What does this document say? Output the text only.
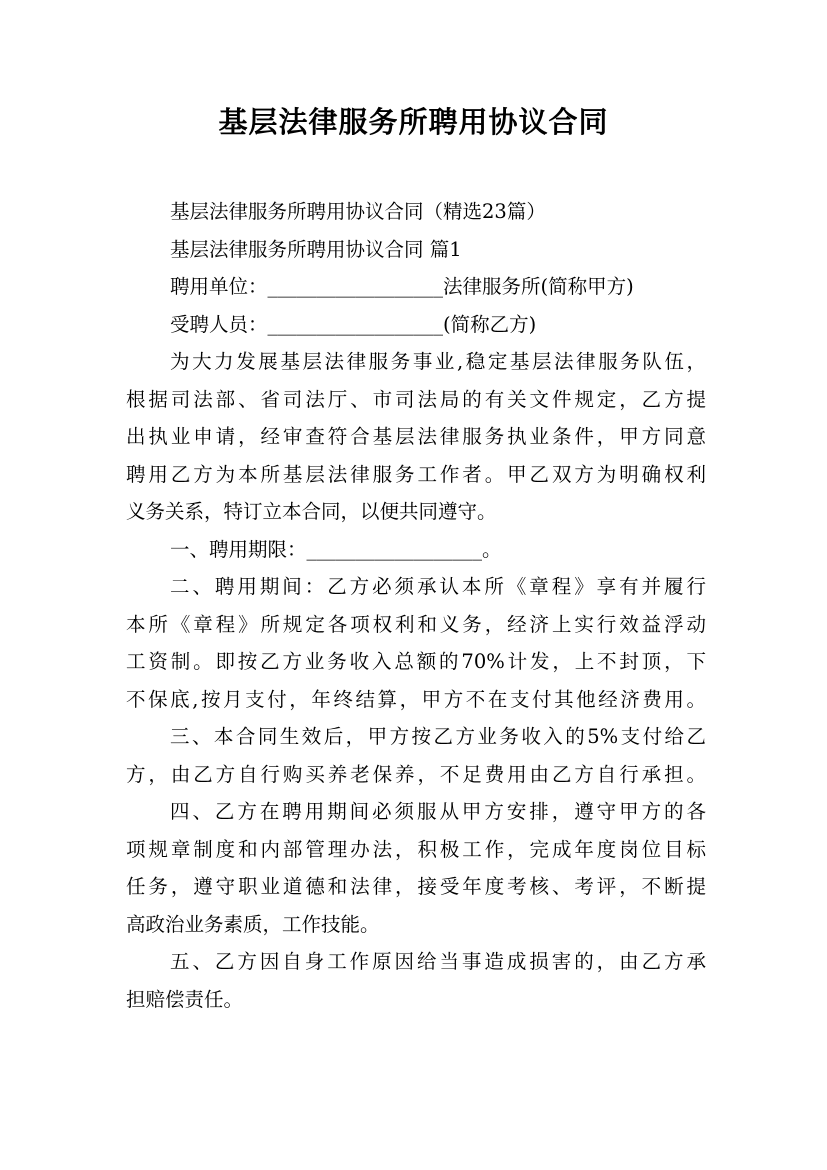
基层法律服务所聘用协议合同
基层法律服务所聘用协议合同（精选23篇）
基层法律服务所聘用协议合同 篇1
聘用单位：__________________法律服务所(简称甲方)
受聘人员：__________________(简称乙方)
为大力发展基层法律服务事业,稳定基层法律服务队伍，
根据司法部、省司法厅、市司法局的有关文件规定，乙方提
出执业申请，经审查符合基层法律服务执业条件，甲方同意
聘用乙方为本所基层法律服务工作者。甲乙双方为明确权利
义务关系，特订立本合同，以便共同遵守。
一、聘用期限：__________________。
二、聘用期间：乙方必须承认本所《章程》享有并履行
本所《章程》所规定各项权利和义务，经济上实行效益浮动
工资制。即按乙方业务收入总额的70%计发，上不封顶，下
不保底,按月支付，年终结算，甲方不在支付其他经济费用。
三、本合同生效后，甲方按乙方业务收入的5%支付给乙
方，由乙方自行购买养老保养，不足费用由乙方自行承担。
四、乙方在聘用期间必须服从甲方安排，遵守甲方的各
项规章制度和内部管理办法，积极工作，完成年度岗位目标
任务，遵守职业道德和法律，接受年度考核、考评，不断提
高政治业务素质，工作技能。
五、乙方因自身工作原因给当事造成损害的，由乙方承
担赔偿责任。
